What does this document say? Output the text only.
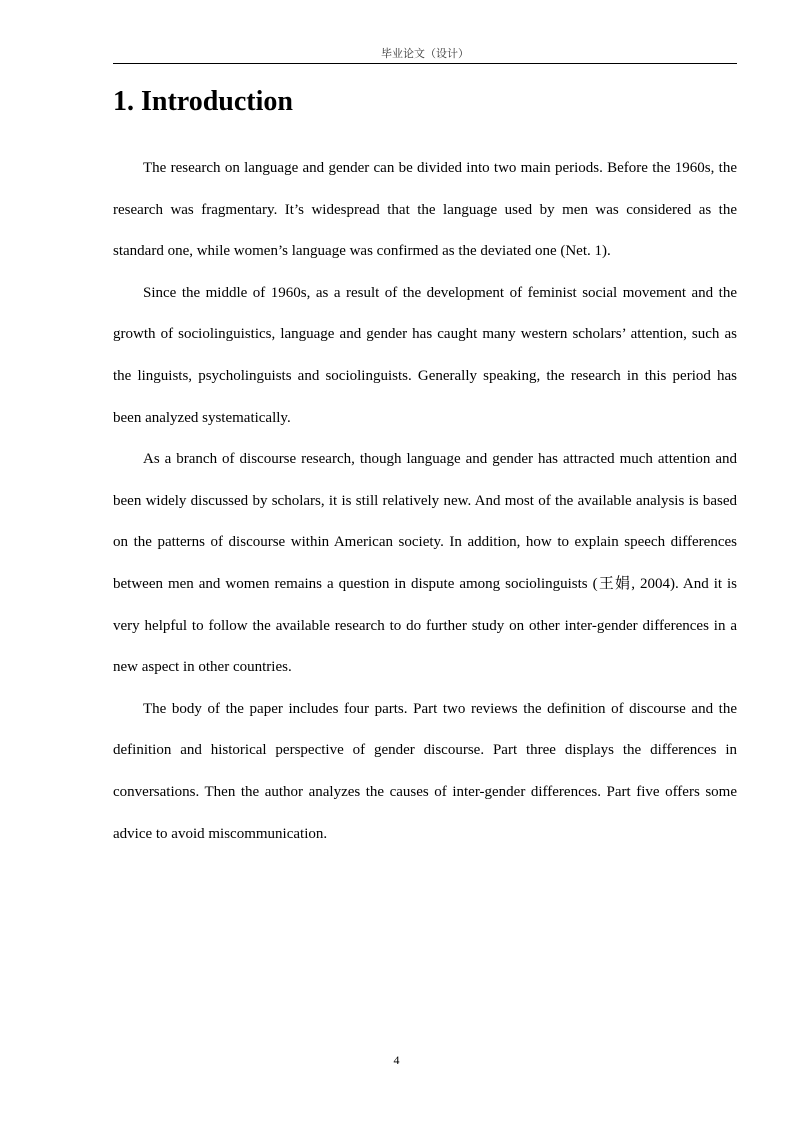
毕业论文（设计）
1. Introduction

The research on language and gender can be divided into two main periods. Before the 1960s, the research was fragmentary. It’s widespread that the language used by men was considered as the standard one, while women’s language was confirmed as the deviated one (Net. 1).

Since the middle of 1960s, as a result of the development of feminist social movement and the growth of sociolinguistics, language and gender has caught many western scholars’ attention, such as the linguists, psycholinguists and sociolinguists. Generally speaking, the research in this period has been analyzed systematically.

As a branch of discourse research, though language and gender has attracted much attention and been widely discussed by scholars, it is still relatively new. And most of the available analysis is based on the patterns of discourse within American society. In addition, how to explain speech differences between men and women remains a question in dispute among sociolinguists (王娟, 2004). And it is very helpful to follow the available research to do further study on other inter-gender differences in a new aspect in other countries.

The body of the paper includes four parts. Part two reviews the definition of discourse and the definition and historical perspective of gender discourse. Part three displays the differences in conversations. Then the author analyzes the causes of inter-gender differences. Part five offers some advice to avoid miscommunication.

4
